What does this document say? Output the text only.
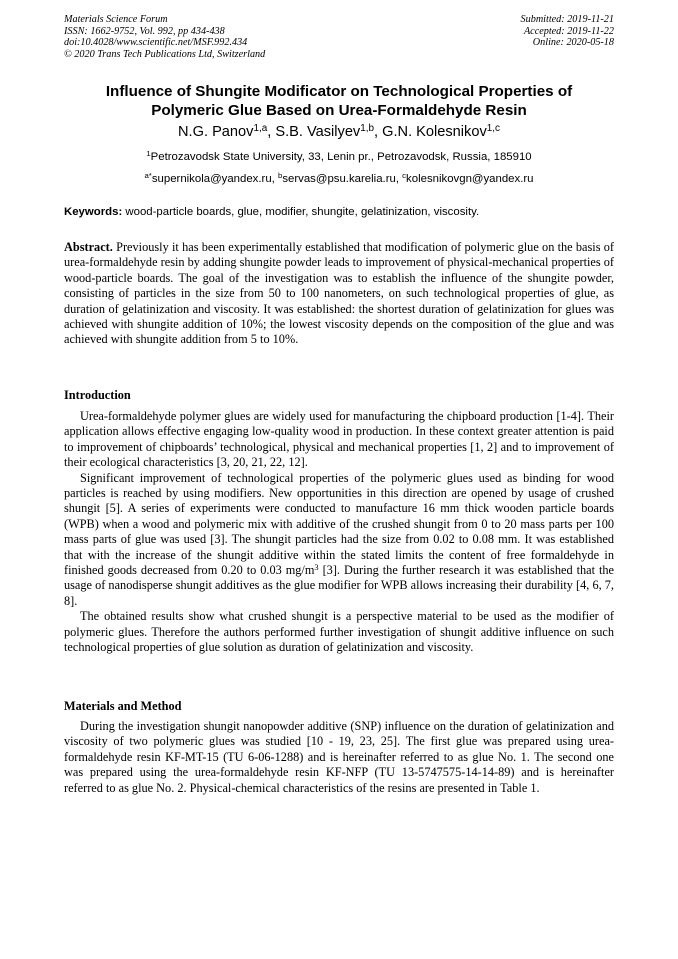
Materials Science Forum
ISSN: 1662-9752, Vol. 992, pp 434-438
doi:10.4028/www.scientific.net/MSF.992.434
© 2020 Trans Tech Publications Ltd, Switzerland
Submitted: 2019-11-21
Accepted: 2019-11-22
Online: 2020-05-18
Influence of Shungite Modificator on Technological Properties of
Polymeric Glue Based on Urea-Formaldehyde Resin
N.G. Panov$^{1,a}$, S.B. Vasilyev$^{1,b}$, G.N. Kolesnikov$^{1,c}$
$^1$Petrozavodsk State University, 33, Lenin pr., Petrozavodsk, Russia, 185910
$^{a*}$supernikola@yandex.ru, $^b$servas@psu.karelia.ru, $^c$kolesnikovgn@yandex.ru
Keywords: wood-particle boards, glue, modifier, shungite, gelatinization, viscosity.

Abstract. Previously it has been experimentally established that modification of polymeric glue on the basis of urea-formaldehyde resin by adding shungite powder leads to improvement of physical-mechanical properties of wood-particle boards. The goal of the investigation was to establish the influence of the shungite powder, consisting of particles in the size from 50 to 100 nanometers, on such technological properties of glue, as duration of gelatinization and viscosity. It was established: the shortest duration of gelatinization for glues was achieved with shungite addition of 10%; the lowest viscosity depends on the composition of the glue and was achieved with shungite addition from 5 to 10%.

Introduction

Urea-formaldehyde polymer glues are widely used for manufacturing the chipboard production [1-4]. Their application allows effective engaging low-quality wood in production. In these context greater attention is paid to improvement of chipboards’ technological, physical and mechanical properties [1, 2] and to improvement of their ecological characteristics [3, 20, 21, 22, 12].

Significant improvement of technological properties of the polymeric glues used as binding for wood particles is reached by using modifiers. New opportunities in this direction are opened by usage of crushed shungit [5]. A series of experiments were conducted to manufacture 16 mm thick wooden particle boards (WPB) when a wood and polymeric mix with additive of the crushed shungit from 0 to 20 mass parts per 100 mass parts of glue was used [3]. The shungit particles had the size from 0.02 to 0.08 mm. It was established that with the increase of the shungit additive within the stated limits the content of free formaldehyde in finished goods decreased from 0.20 to 0.03 $mg/m^3$ [3]. During the further research it was established that the usage of nanodisperse shungit additives as the glue modifier for WPB allows increasing their durability [4, 6, 7, 8].

The obtained results show what crushed shungit is a perspective material to be used as the modifier of polymeric glues. Therefore the authors performed further investigation of shungit additive influence on such technological properties of glue solution as duration of gelatinization and viscosity.

Materials and Method

During the investigation shungit nanopowder additive (SNP) influence on the duration of gelatinization and viscosity of two polymeric glues was studied [10 - 19, 23, 25]. The first glue was prepared using urea-formaldehyde resin KF-MT-15 (TU 6-06-1288) and is hereinafter referred to as glue No. 1. The second one was prepared using the urea-formaldehyde resin KF-NFP (TU 13-5747575-14-14-89) and is hereinafter referred to as glue No. 2. Physical-chemical characteristics of the resins are presented in Table 1.
